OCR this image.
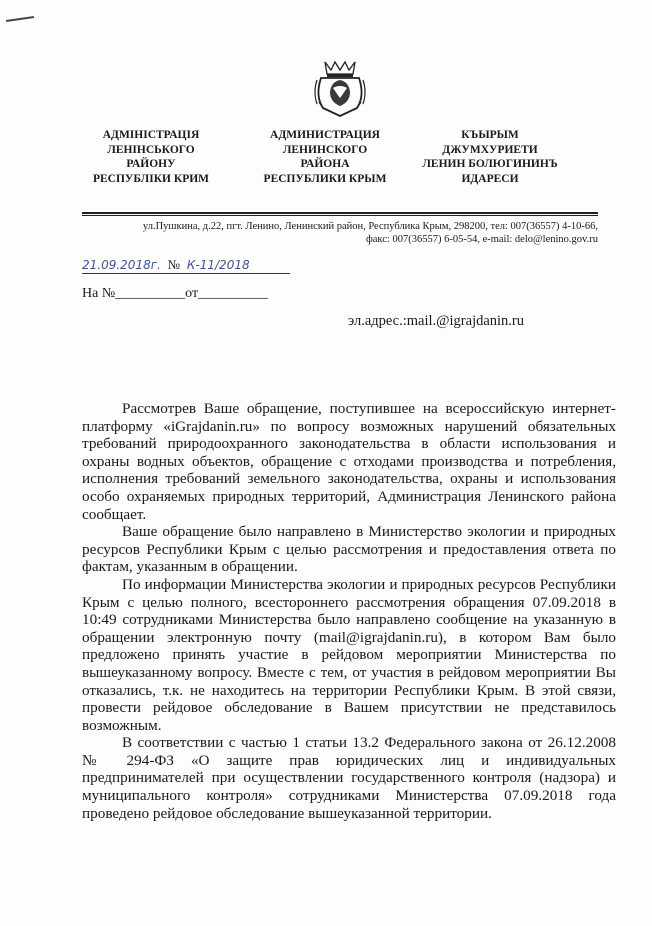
АДМІНІСТРАЦІЯ
ЛЕНІНСЬКОГО
РАЙОНУ
РЕСПУБЛІКИ КРИМ
АДМИНИСТРАЦИЯ
ЛЕНИНСКОГО
РАЙОНА
РЕСПУБЛИКИ КРЫМ
КЪЫРЫМ
ДЖУМХУРИЕТИ
ЛЕНИН БОЛЮГИНИНЪ
ИДАРЕСИ
ул.Пушкина, д.22, пгт. Ленино, Ленинский район, Республика Крым, 298200, тел: 007(36557) 4-10-66,
факс: 007(36557) 6-05-54, e-mail: delo@lenino.gov.ru
21.09.2018г. № К-11/2018
На №__________от__________
эл.адрес.:mail.@igrajdanin.ru

Рассмотрев Ваше обращение, поступившее на всероссийскую интернет-платформу «iGrajdanin.ru» по вопросу возможных нарушений обязательных требований природоохранного законодательства в области использования и охраны водных объектов, обращение с отходами производства и потребления, исполнения требований земельного законодательства, охраны и использования особо охраняемых природных территорий, Администрация Ленинского района сообщает.

Ваше обращение было направлено в Министерство экологии и природных ресурсов Республики Крым с целью рассмотрения и предоставления ответа по фактам, указанным в обращении.

По информации Министерства экологии и природных ресурсов Республики Крым с целью полного, всестороннего рассмотрения обращения 07.09.2018 в 10:49 сотрудниками Министерства было направлено сообщение на указанную в обращении электронную почту (mail@igrajdanin.ru), в котором Вам было предложено принять участие в рейдовом мероприятии Министерства по вышеуказанному вопросу. Вместе с тем, от участия в рейдовом мероприятии Вы отказались, т.к. не находитесь на территории Республики Крым. В этой связи, провести рейдовое обследование в Вашем присутствии не представилось возможным.

В соответствии с частью 1 статьи 13.2 Федерального закона от 26.12.2008 № 294-ФЗ «О защите прав юридических лиц и индивидуальных предпринимателей при осуществлении государственного контроля (надзора) и муниципального контроля» сотрудниками Министерства 07.09.2018 года проведено рейдовое обследование вышеуказанной территории.
